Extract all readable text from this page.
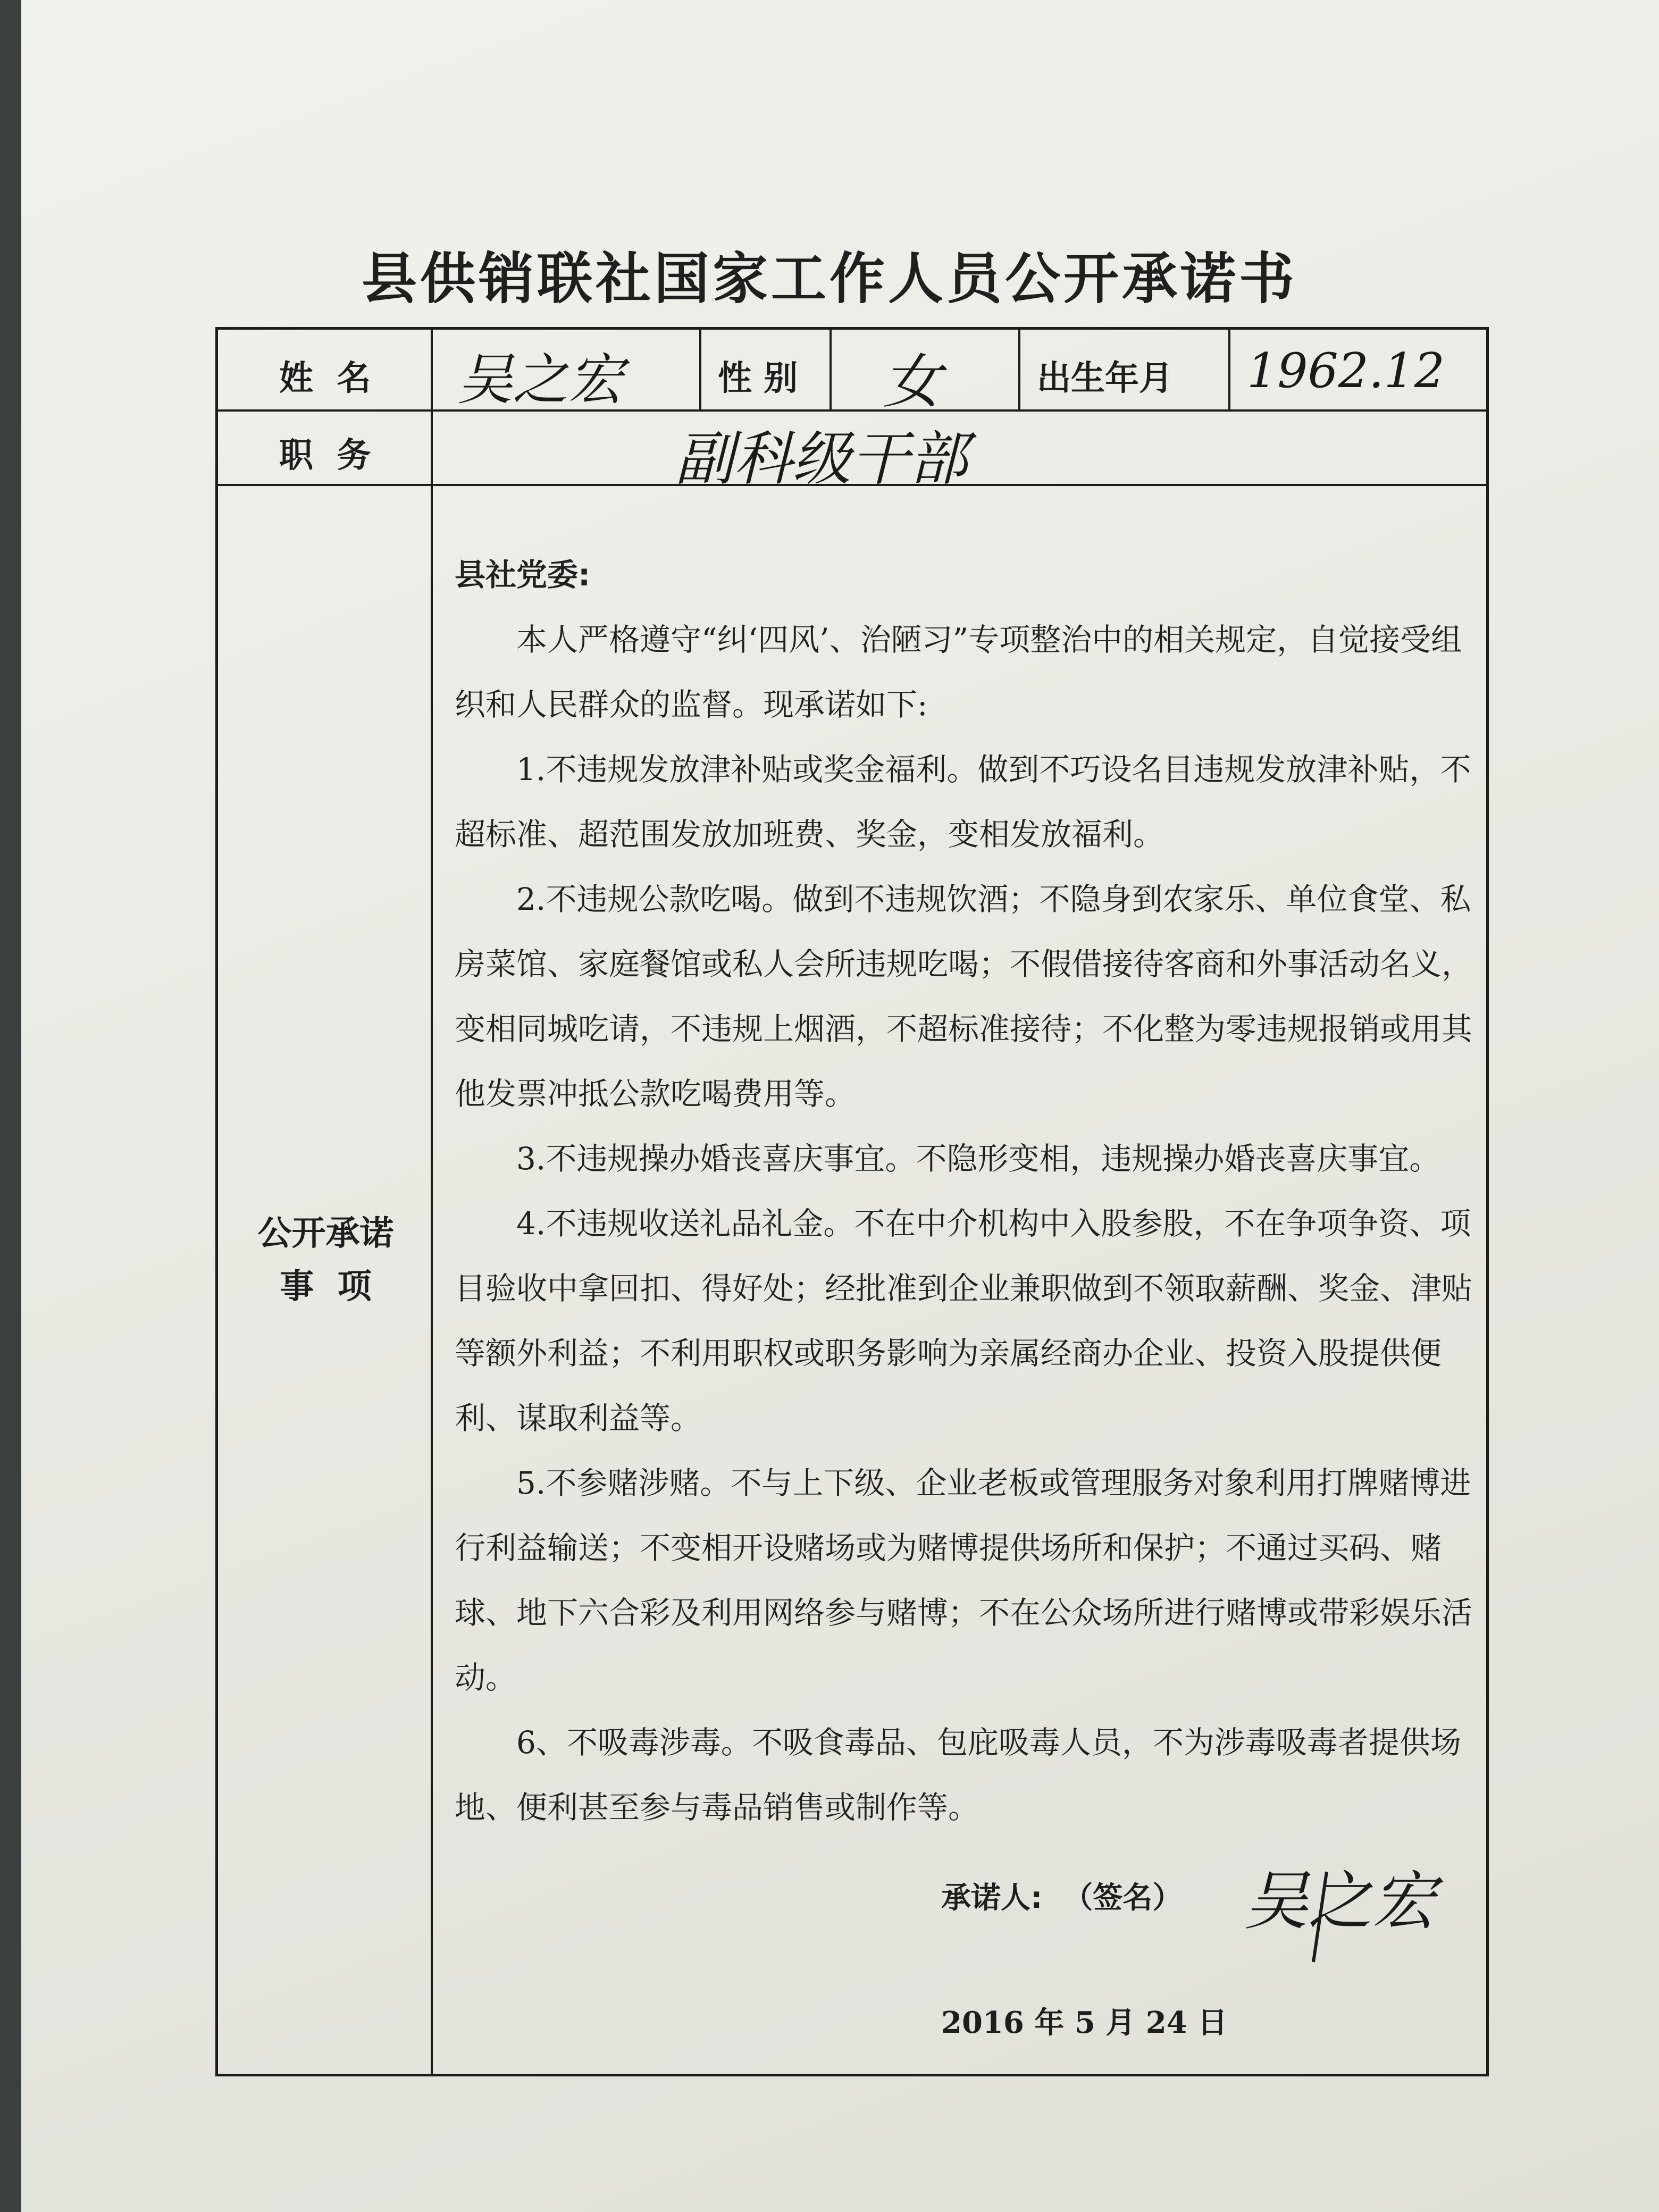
县供销联社国家工作人员公开承诺书
姓  名 吴之宏	性 别 女	出生年月 1962.12
职  务	副科级干部
公开承诺
事  项

县社党委:

本人严格遵守“纠‘四风’、治陋习”专项整治中的相关规定，自觉接受组织和人民群众的监督。现承诺如下:

1.不违规发放津补贴或奖金福利。做到不巧设名目违规发放津补贴，不超标准、超范围发放加班费、奖金，变相发放福利。

2.不违规公款吃喝。做到不违规饮酒；不隐身到农家乐、单位食堂、私房菜馆、家庭餐馆或私人会所违规吃喝；不假借接待客商和外事活动名义，变相同城吃请，不违规上烟酒，不超标准接待；不化整为零违规报销或用其他发票冲抵公款吃喝费用等。

3.不违规操办婚丧喜庆事宜。不隐形变相，违规操办婚丧喜庆事宜。

4.不违规收送礼品礼金。不在中介机构中入股参股，不在争项争资、项目验收中拿回扣、得好处；经批准到企业兼职做到不领取薪酬、奖金、津贴等额外利益；不利用职权或职务影响为亲属经商办企业、投资入股提供便利、谋取利益等。

5.不参赌涉赌。不与上下级、企业老板或管理服务对象利用打牌赌博进行利益输送；不变相开设赌场或为赌博提供场所和保护；不通过买码、赌球、地下六合彩及利用网络参与赌博；不在公众场所进行赌博或带彩娱乐活动。

6、不吸毒涉毒。不吸食毒品、包庇吸毒人员，不为涉毒吸毒者提供场地、便利甚至参与毒品销售或制作等。

承诺人:  （签名） 吴之宏
2016 年 5 月 24 日
